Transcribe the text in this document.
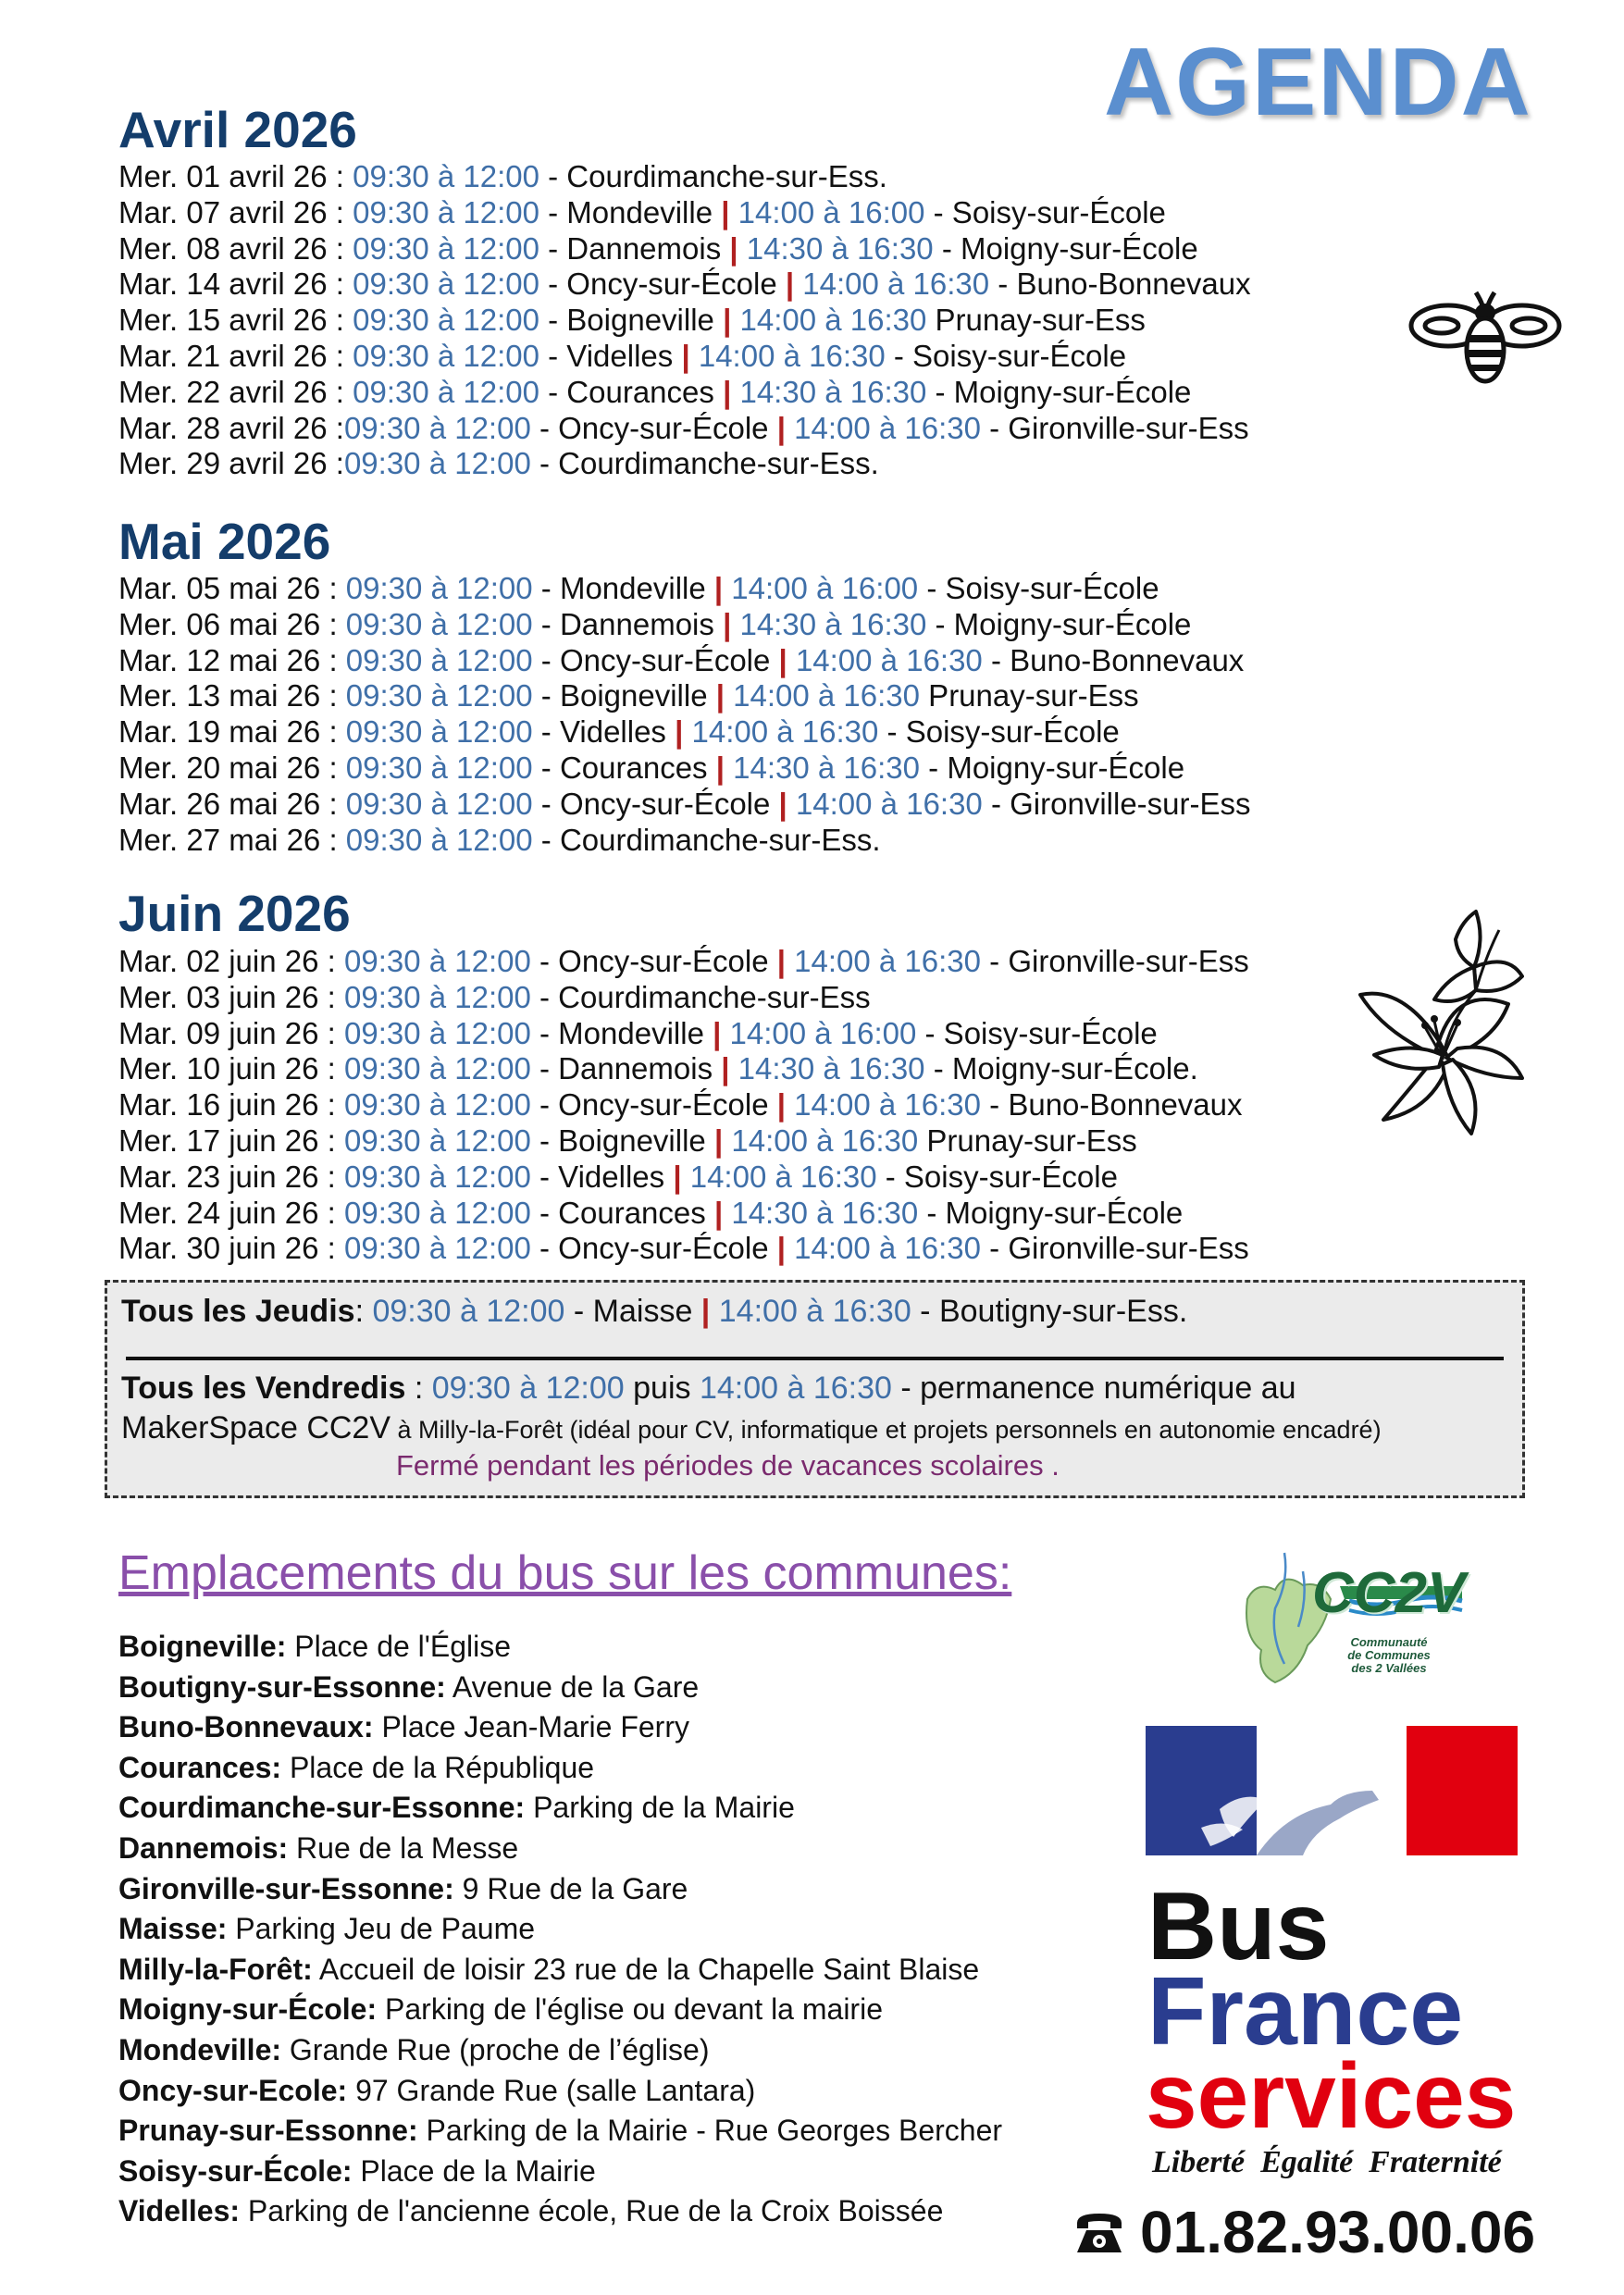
AGENDA
Avril 2026
Mai 2026
Juin 2026
Mer. 01 avril 26 : 09:30 à 12:00 - Courdimanche-sur-Ess.
Mar. 07 avril 26 : 09:30 à 12:00 - Mondeville | 14:00 à 16:00 - Soisy-sur-École
Mer. 08 avril 26 : 09:30 à 12:00 - Dannemois | 14:30 à 16:30 - Moigny-sur-École
Mar. 14 avril 26 : 09:30 à 12:00 - Oncy-sur-École | 14:00 à 16:30 - Buno-Bonnevaux
Mer. 15 avril 26 : 09:30 à 12:00 - Boigneville | 14:00 à 16:30 Prunay-sur-Ess
Mar. 21 avril 26 : 09:30 à 12:00 - Videlles | 14:00 à 16:30 - Soisy-sur-École
Mer. 22 avril 26 : 09:30 à 12:00 - Courances | 14:30 à 16:30 - Moigny-sur-École
Mar. 28 avril 26 :09:30 à 12:00 - Oncy-sur-École | 14:00 à 16:30 - Gironville-sur-Ess
Mer. 29 avril 26 :09:30 à 12:00 - Courdimanche-sur-Ess.
Mar. 05 mai 26 : 09:30 à 12:00 - Mondeville | 14:00 à 16:00 - Soisy-sur-École
Mer. 06 mai 26 : 09:30 à 12:00 - Dannemois | 14:30 à 16:30 - Moigny-sur-École
Mar. 12 mai 26 : 09:30 à 12:00 - Oncy-sur-École | 14:00 à 16:30 - Buno-Bonnevaux
Mer. 13 mai 26 : 09:30 à 12:00 - Boigneville | 14:00 à 16:30 Prunay-sur-Ess
Mar. 19 mai 26 : 09:30 à 12:00 - Videlles | 14:00 à 16:30 - Soisy-sur-École
Mer. 20 mai 26 : 09:30 à 12:00 - Courances | 14:30 à 16:30 - Moigny-sur-École
Mar. 26 mai 26 : 09:30 à 12:00 - Oncy-sur-École | 14:00 à 16:30 - Gironville-sur-Ess
Mer. 27 mai 26 : 09:30 à 12:00 - Courdimanche-sur-Ess.
Mar. 02 juin 26 : 09:30 à 12:00 - Oncy-sur-École | 14:00 à 16:30 - Gironville-sur-Ess
Mer. 03 juin 26 : 09:30 à 12:00 - Courdimanche-sur-Ess
Mar. 09 juin 26 : 09:30 à 12:00 - Mondeville | 14:00 à 16:00 - Soisy-sur-École
Mer. 10 juin 26 : 09:30 à 12:00 - Dannemois | 14:30 à 16:30 - Moigny-sur-École.
Mar. 16 juin 26 : 09:30 à 12:00 - Oncy-sur-École | 14:00 à 16:30 - Buno-Bonnevaux
Mer. 17 juin 26 : 09:30 à 12:00 - Boigneville | 14:00 à 16:30 Prunay-sur-Ess
Mar. 23 juin 26 : 09:30 à 12:00 - Videlles | 14:00 à 16:30 - Soisy-sur-École
Mer. 24 juin 26 : 09:30 à 12:00 - Courances | 14:30 à 16:30 - Moigny-sur-École
Mar. 30 juin 26 : 09:30 à 12:00 - Oncy-sur-École | 14:00 à 16:30 - Gironville-sur-Ess
Tous les Jeudis: 09:30 à 12:00 - Maisse | 14:00 à 16:30 - Boutigny-sur-Ess.
Tous les Vendredis : 09:30 à 12:00 puis 14:00 à 16:30 - permanence numérique au
MakerSpace CC2V à Milly-la-Forêt (idéal pour CV, informatique et projets personnels en autonomie encadré)
Fermé pendant les périodes de vacances scolaires .
Emplacements du bus sur les communes:
Boigneville: Place de l'Église
Boutigny-sur-Essonne: Avenue de la Gare
Buno-Bonnevaux: Place Jean-Marie Ferry
Courances: Place de la République
Courdimanche-sur-Essonne: Parking de la Mairie
Dannemois: Rue de la Messe
Gironville-sur-Essonne: 9 Rue de la Gare
Maisse: Parking Jeu de Paume
Milly-la-Forêt: Accueil de loisir 23 rue de la Chapelle Saint Blaise
Moigny-sur-École: Parking de l'église ou devant la mairie
Mondeville: Grande Rue (proche de l’église)
Oncy-sur-Ecole: 97 Grande Rue (salle Lantara)
Prunay-sur-Essonne: Parking de la Mairie - Rue Georges Bercher
Soisy-sur-École: Place de la Mairie
Videlles: Parking de l'ancienne école, Rue de la Croix Boissée
CC2V
Communauté
de Communes
des 2 Vallées
Bus
France
services
Liberté  Égalité  Fraternité
01.82.93.00.06
